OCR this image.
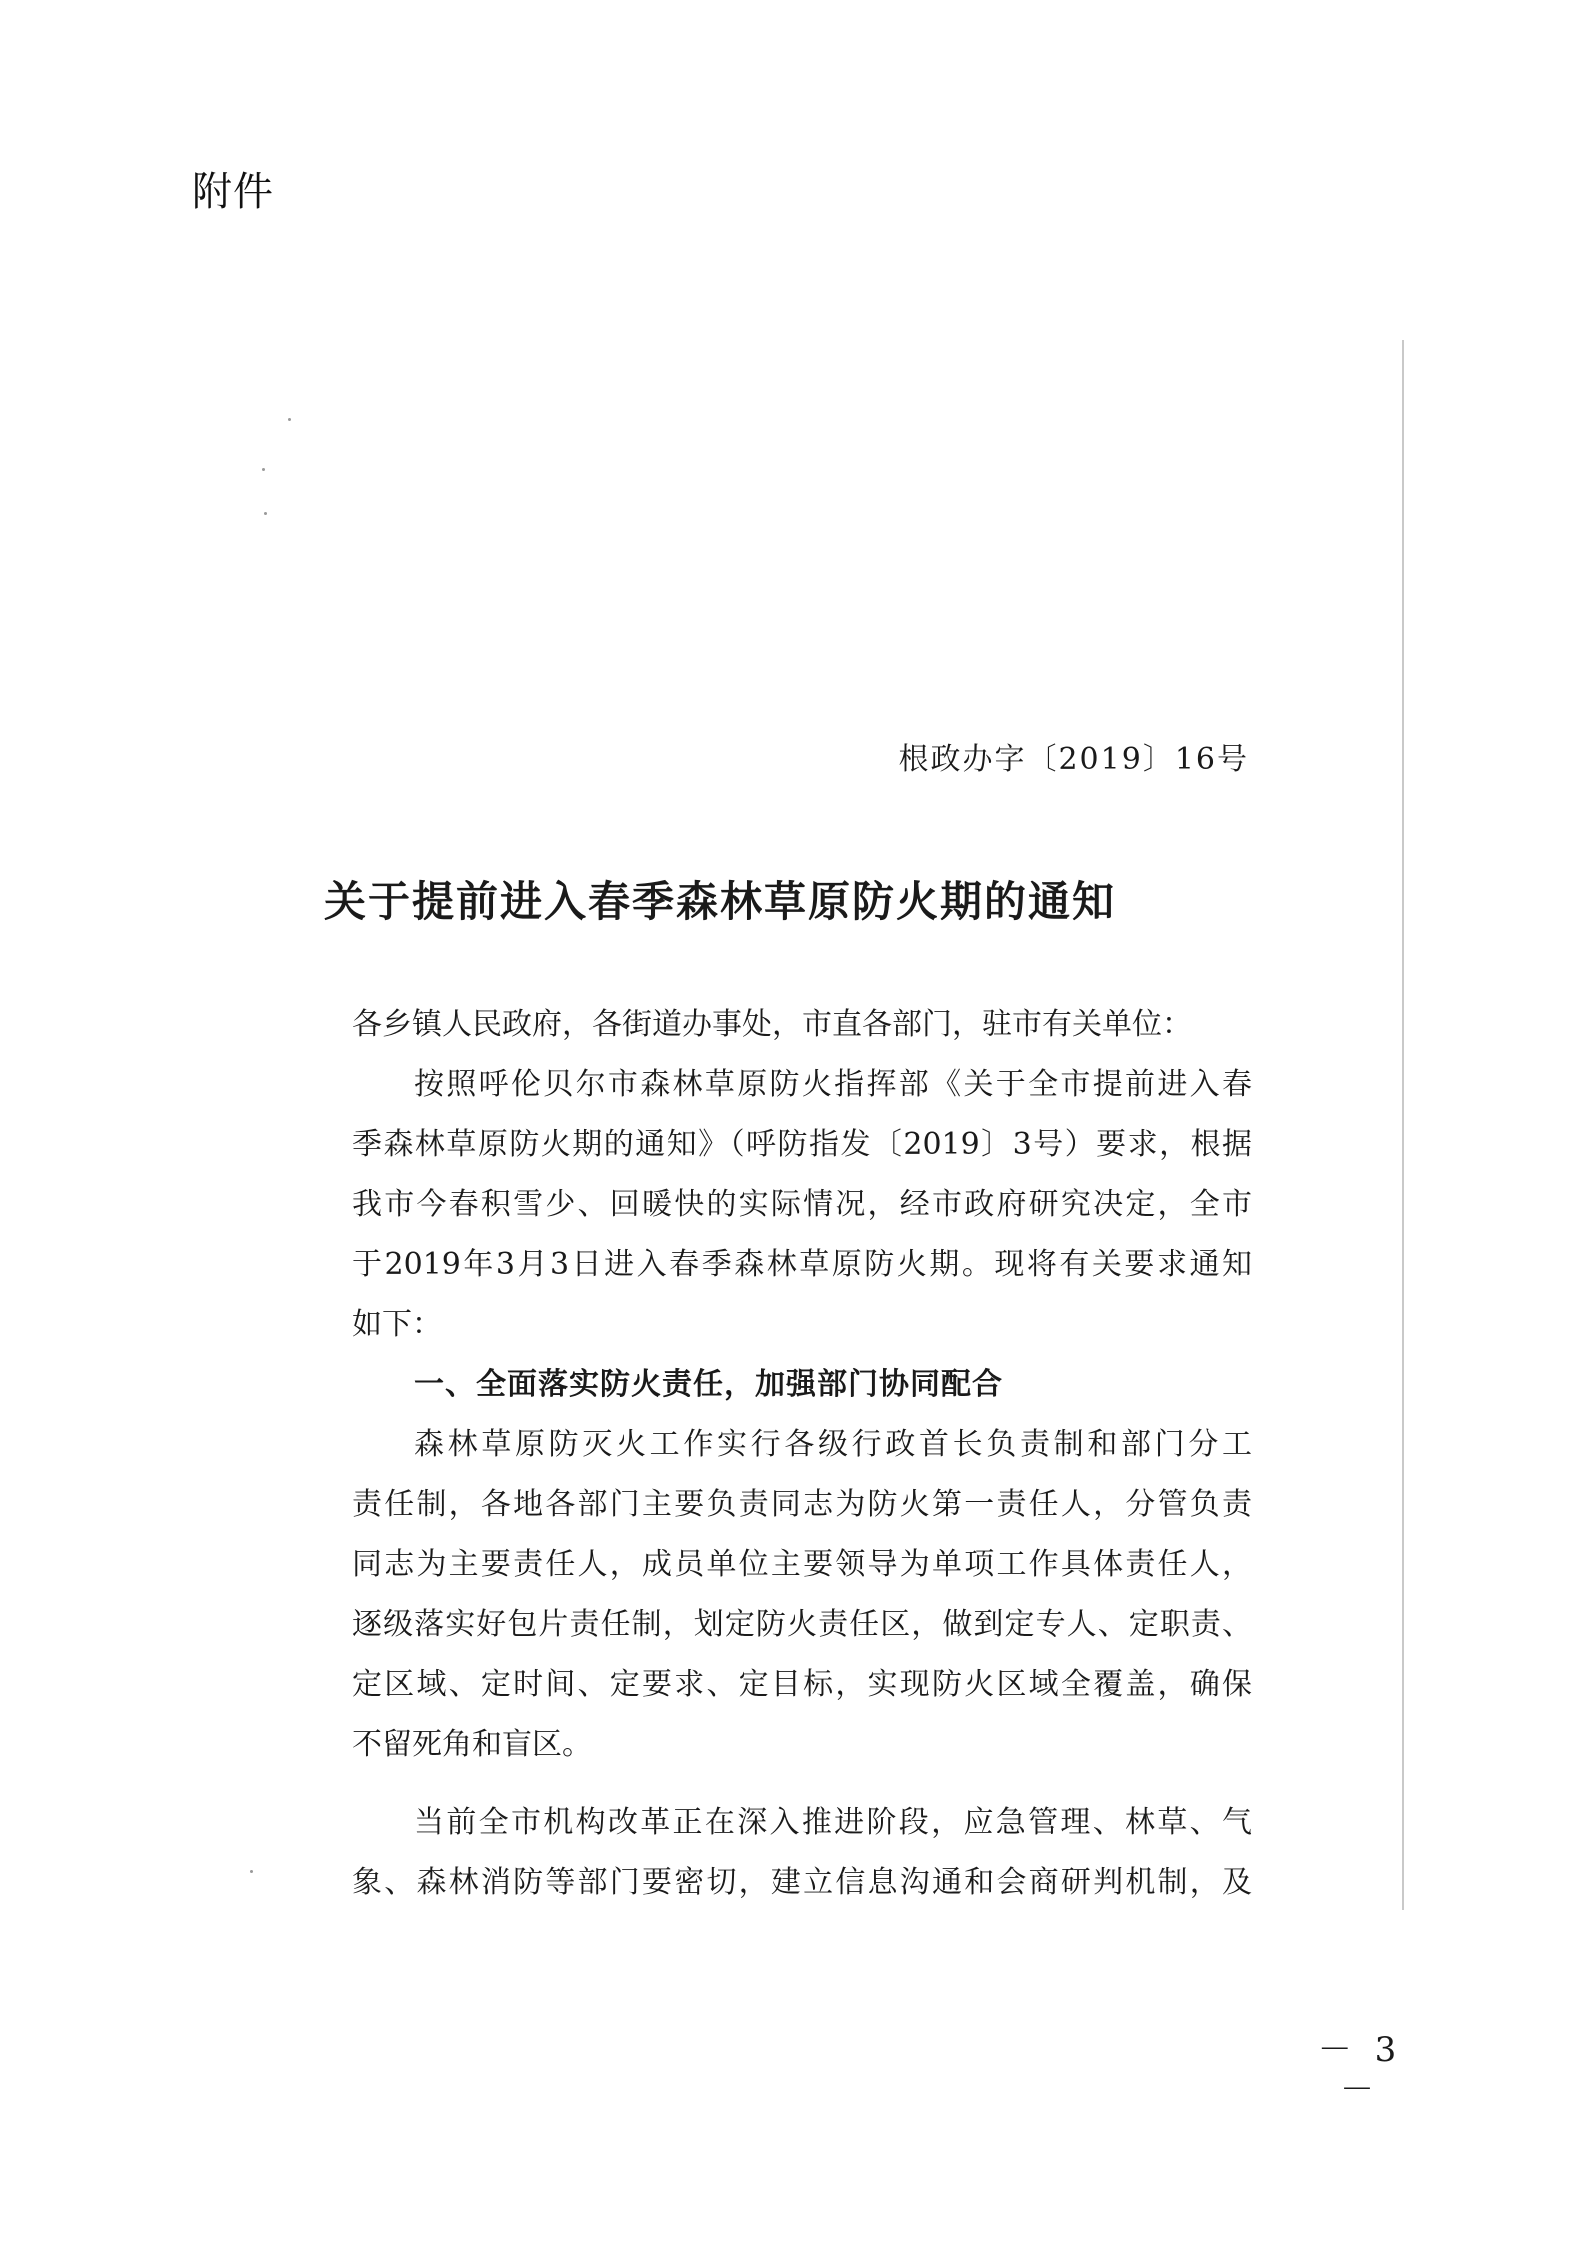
附件
根政办字〔2019〕16号
关于提前进入春季森林草原防火期的通知
各乡镇人民政府，各街道办事处，市直各部门，驻市有关单位：
按照呼伦贝尔市森林草原防火指挥部《关于全市提前进入春
季森林草原防火期的通知》（呼防指发〔2019〕3号）要求，根据
我市今春积雪少、回暖快的实际情况，经市政府研究决定，全市
于2019年3月3日进入春季森林草原防火期。现将有关要求通知
如下：
一、全面落实防火责任，加强部门协同配合
森林草原防灭火工作实行各级行政首长负责制和部门分工
责任制，各地各部门主要负责同志为防火第一责任人，分管负责
同志为主要责任人，成员单位主要领导为单项工作具体责任人，
逐级落实好包片责任制，划定防火责任区，做到定专人、定职责、
定区域、定时间、定要求、定目标，实现防火区域全覆盖，确保
不留死角和盲区。
当前全市机构改革正在深入推进阶段，应急管理、林草、气
象、森林消防等部门要密切，建立信息沟通和会商研判机制，及
－ 3 －
